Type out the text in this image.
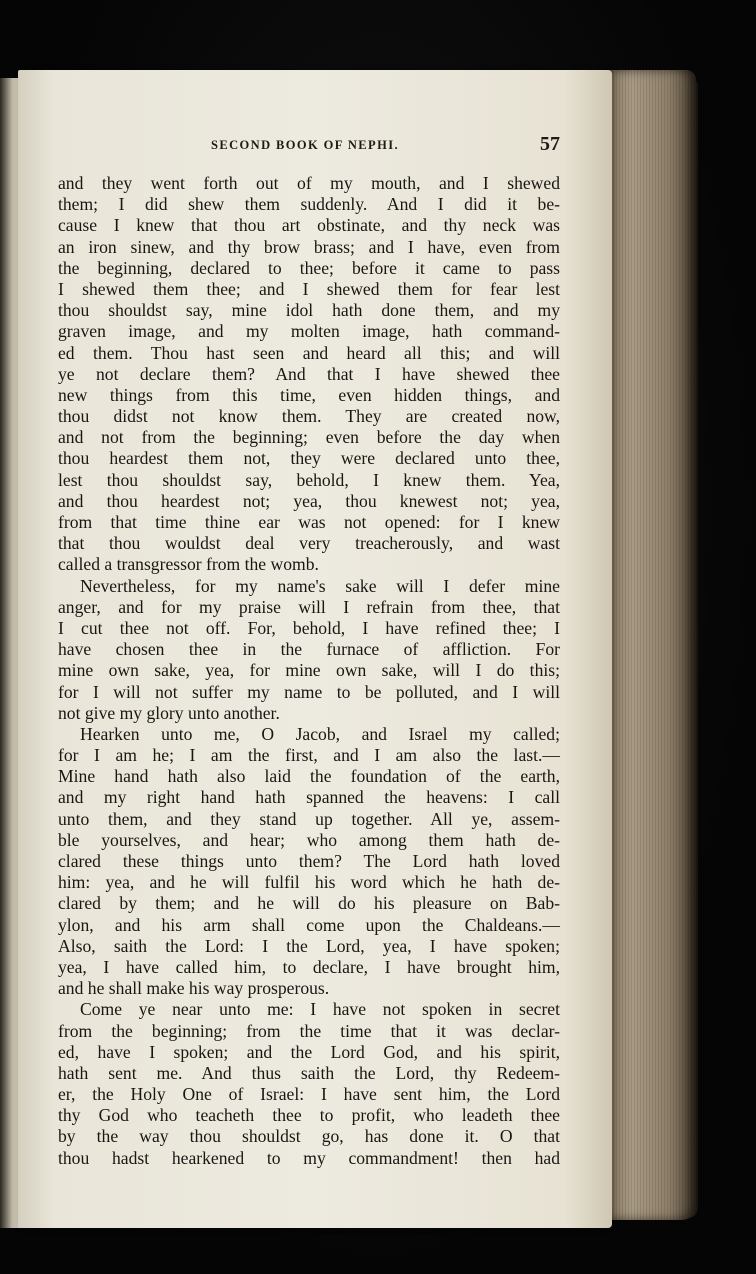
SECOND BOOK OF NEPHI.	57
and they went forth out of my mouth, and I shewed
them; I did shew them suddenly. And I did it be-
cause I knew that thou art obstinate, and thy neck was
an iron sinew, and thy brow brass; and I have, even from
the beginning, declared to thee; before it came to pass
I shewed them thee; and I shewed them for fear lest
thou shouldst say, mine idol hath done them, and my
graven image, and my molten image, hath command-
ed them. Thou hast seen and heard all this; and will
ye not declare them? And that I have shewed thee
new things from this time, even hidden things, and
thou didst not know them. They are created now,
and not from the beginning; even before the day when
thou heardest them not, they were declared unto thee,
lest thou shouldst say, behold, I knew them. Yea,
and thou heardest not; yea, thou knewest not; yea,
from that time thine ear was not opened: for I knew
that thou wouldst deal very treacherously, and wast
called a transgressor from the womb.
Nevertheless, for my name's sake will I defer mine
anger, and for my praise will I refrain from thee, that
I cut thee not off. For, behold, I have refined thee; I
have chosen thee in the furnace of affliction. For
mine own sake, yea, for mine own sake, will I do this;
for I will not suffer my name to be polluted, and I will
not give my glory unto another.
Hearken unto me, O Jacob, and Israel my called;
for I am he; I am the first, and I am also the last.—
Mine hand hath also laid the foundation of the earth,
and my right hand hath spanned the heavens: I call
unto them, and they stand up together. All ye, assem-
ble yourselves, and hear; who among them hath de-
clared these things unto them? The Lord hath loved
him: yea, and he will fulfil his word which he hath de-
clared by them; and he will do his pleasure on Bab-
ylon, and his arm shall come upon the Chaldeans.—
Also, saith the Lord: I the Lord, yea, I have spoken;
yea, I have called him, to declare, I have brought him,
and he shall make his way prosperous.
Come ye near unto me: I have not spoken in secret
from the beginning; from the time that it was declar-
ed, have I spoken; and the Lord God, and his spirit,
hath sent me. And thus saith the Lord, thy Redeem-
er, the Holy One of Israel: I have sent him, the Lord
thy God who teacheth thee to profit, who leadeth thee
by the way thou shouldst go, has done it. O that
thou hadst hearkened to my commandment! then had
